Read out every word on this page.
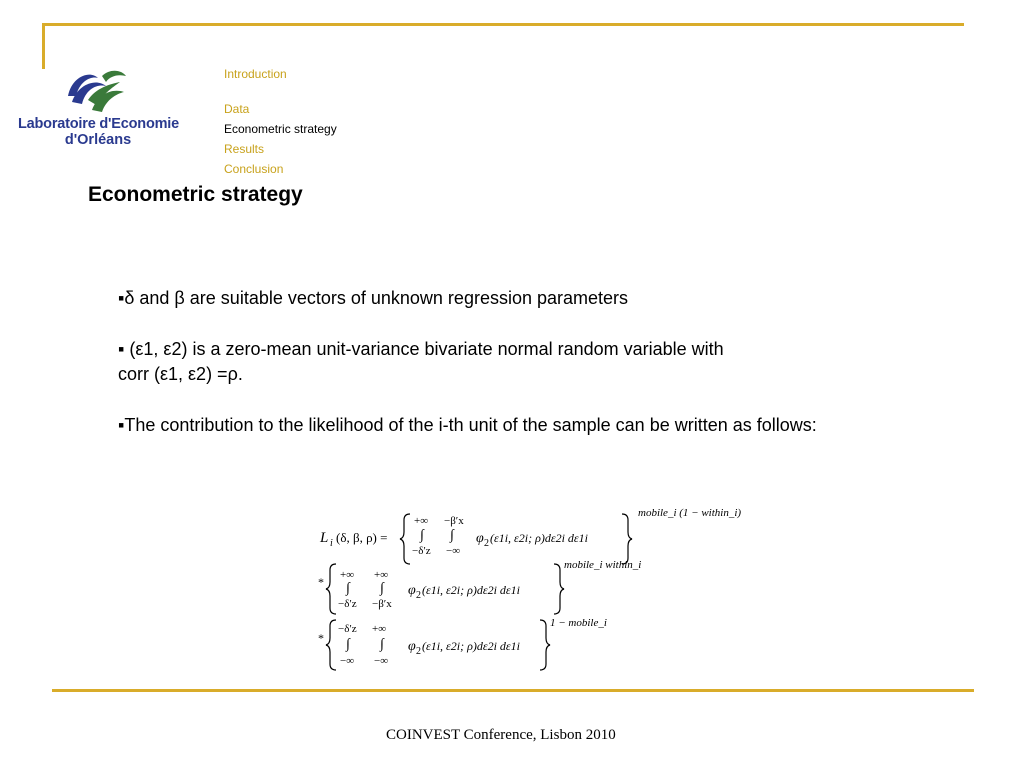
Laboratoire d'Economie
d'Orléans
Introduction
Data
Econometric strategy
Results
Conclusion
Econometric strategy

▪δ and β are suitable vectors of unknown regression parameters

▪ (ε1, ε2) is a zero-mean unit-variance bivariate normal random variable with
corr (ε1, ε2) =ρ.

▪The contribution to the likelihood of the i-th unit of the sample can be written as follows:

L i (δ, β, ρ) =
+∞
∫
−δ′z
−β′x
∫
−∞
φ 2 (ε1i, ε2i; ρ)dε2i dε1i
mobile_i (1 − within_i)
* +∞
∫
−δ′z
+∞
∫
−β′x
φ 2 (ε1i, ε2i; ρ)dε2i dε1i
mobile_i within_i
*
−δ′z
∫
−∞
+∞
∫
−∞
φ 2 (ε1i, ε2i; ρ)dε2i dε1i
1 − mobile_i
COINVEST Conference, Lisbon 2010
